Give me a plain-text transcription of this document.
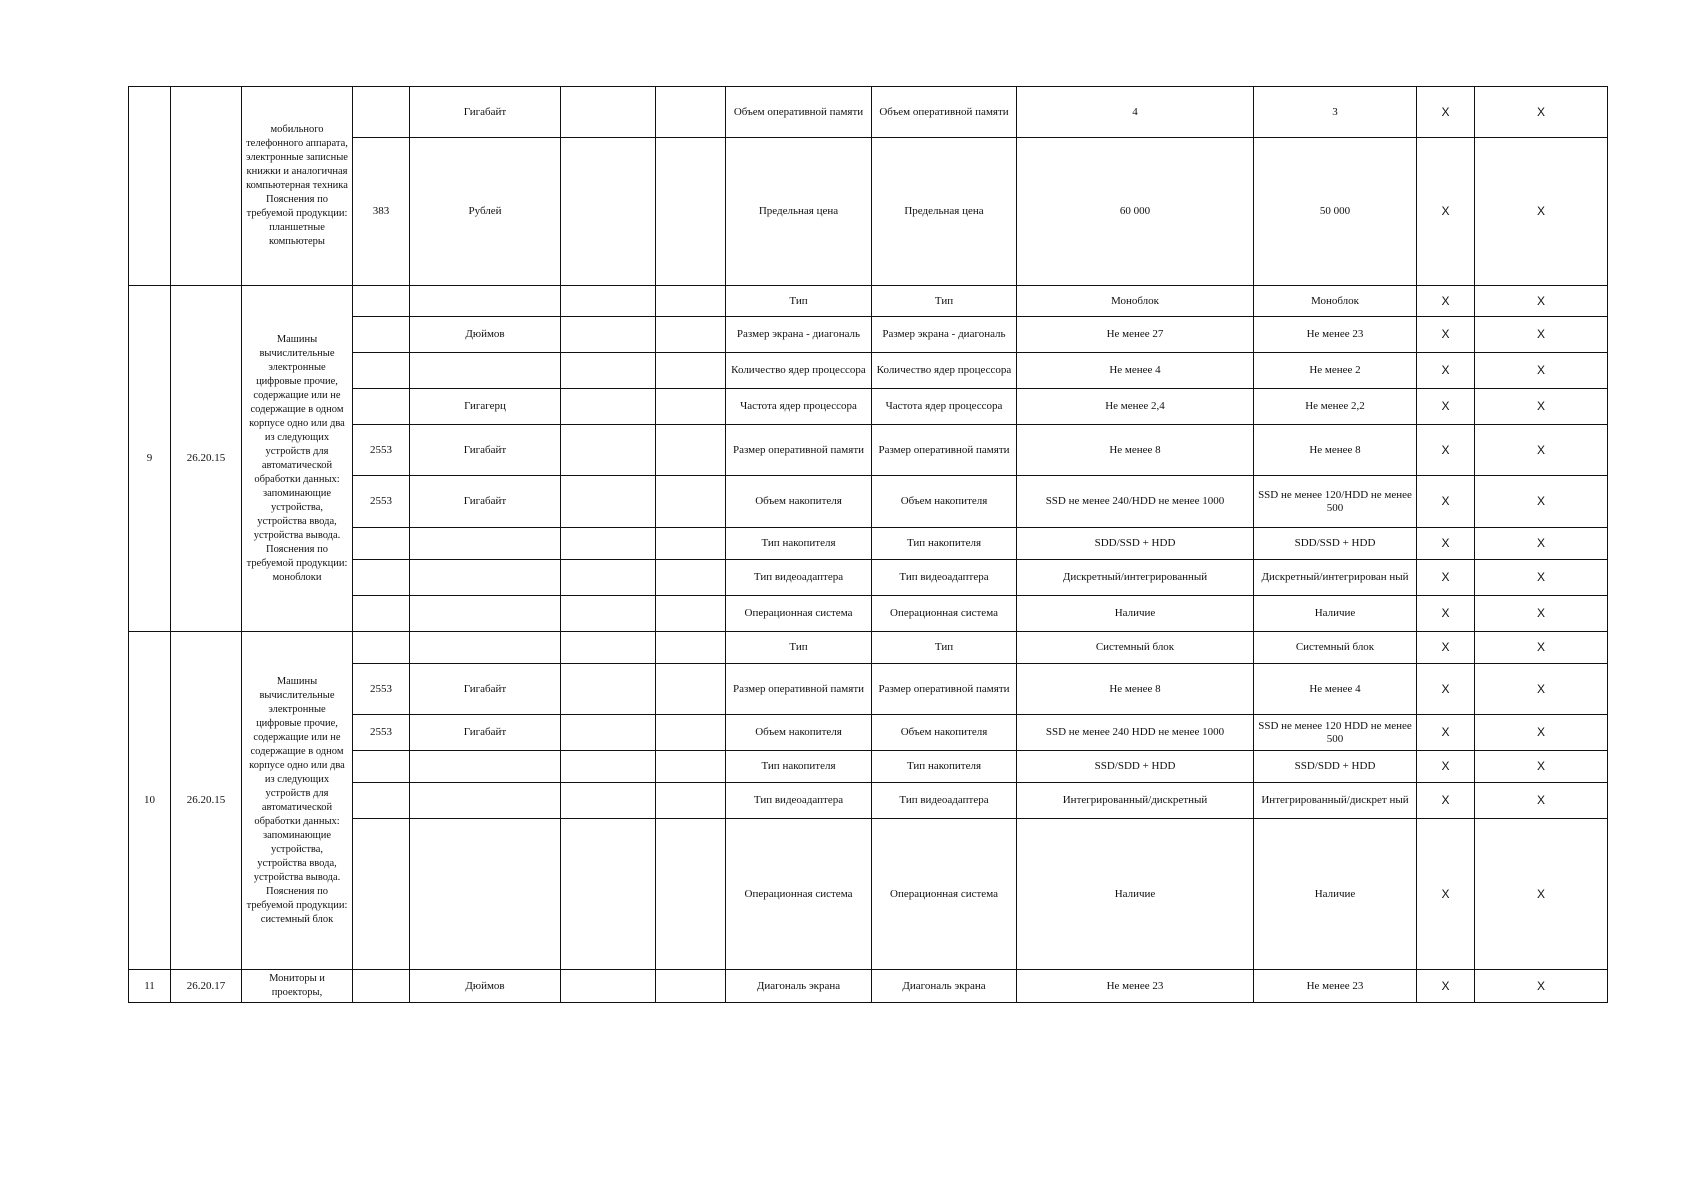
		мобильного телефонного аппарата, электронные записные книжки и аналогичная компьютерная техника Пояснения по требуемой продукции: планшетные компьютеры		Гигабайт			Объем оперативной памяти	Объем оперативной памяти	4	3	X	X
			383	Рублей			Предельная цена	Предельная цена	60 000	50 000	X	X
9	26.20.15	Машины вычислительные электронные цифровые прочие, содержащие или не содержащие в одном корпусе одно или два из следующих устройств для автоматической обработки данных: запоминающие устройства, устройства ввода, устройства вывода. Пояснения по требуемой продукции: моноблоки					Тип	Тип	Моноблок	Моноблок	X	X
				Дюймов			Размер экрана - диагональ	Размер экрана - диагональ	Не менее 27	Не менее 23	X	X
							Количество ядер процессора	Количество ядер процессора	Не менее 4	Не менее 2	X	X
				Гигагерц			Частота ядер процессора	Частота ядер процессора	Не менее 2,4	Не менее 2,2	X	X
			2553	Гигабайт			Размер оперативной памяти	Размер оперативной памяти	Не менее 8	Не менее 8	X	X
			2553	Гигабайт			Объем накопителя	Объем накопителя	SSD не менее 240/HDD не менее 1000	SSD не менее 120/HDD не менее 500	X	X
							Тип накопителя	Тип накопителя	SDD/SSD + HDD	SDD/SSD + HDD	X	X
							Тип видеоадаптера	Тип видеоадаптера	Дискретный/интегрированный	Дискретный/интегрирован ный	X	X
							Операционная система	Операционная система	Наличие	Наличие	X	X
10	26.20.15	Машины вычислительные электронные цифровые прочие, содержащие или не содержащие в одном корпусе одно или два из следующих устройств для автоматической обработки данных: запоминающие устройства, устройства ввода, устройства вывода. Пояснения по требуемой продукции: системный блок					Тип	Тип	Системный блок	Системный блок	X	X
			2553	Гигабайт			Размер оперативной памяти	Размер оперативной памяти	Не менее 8	Не менее 4	X	X
			2553	Гигабайт			Объем накопителя	Объем накопителя	SSD не менее 240 HDD не менее 1000	SSD не менее 120 HDD не менее 500	X	X
							Тип накопителя	Тип накопителя	SSD/SDD + HDD	SSD/SDD + HDD	X	X
							Тип видеоадаптера	Тип видеоадаптера	Интегрированный/дискретный	Интегрированный/дискрет ный	X	X
							Операционная система	Операционная система	Наличие	Наличие	X	X
11	26.20.17	Мониторы и проекторы,		Дюймов			Диагональ экрана	Диагональ экрана	Не менее 23	Не менее 23	X	X
